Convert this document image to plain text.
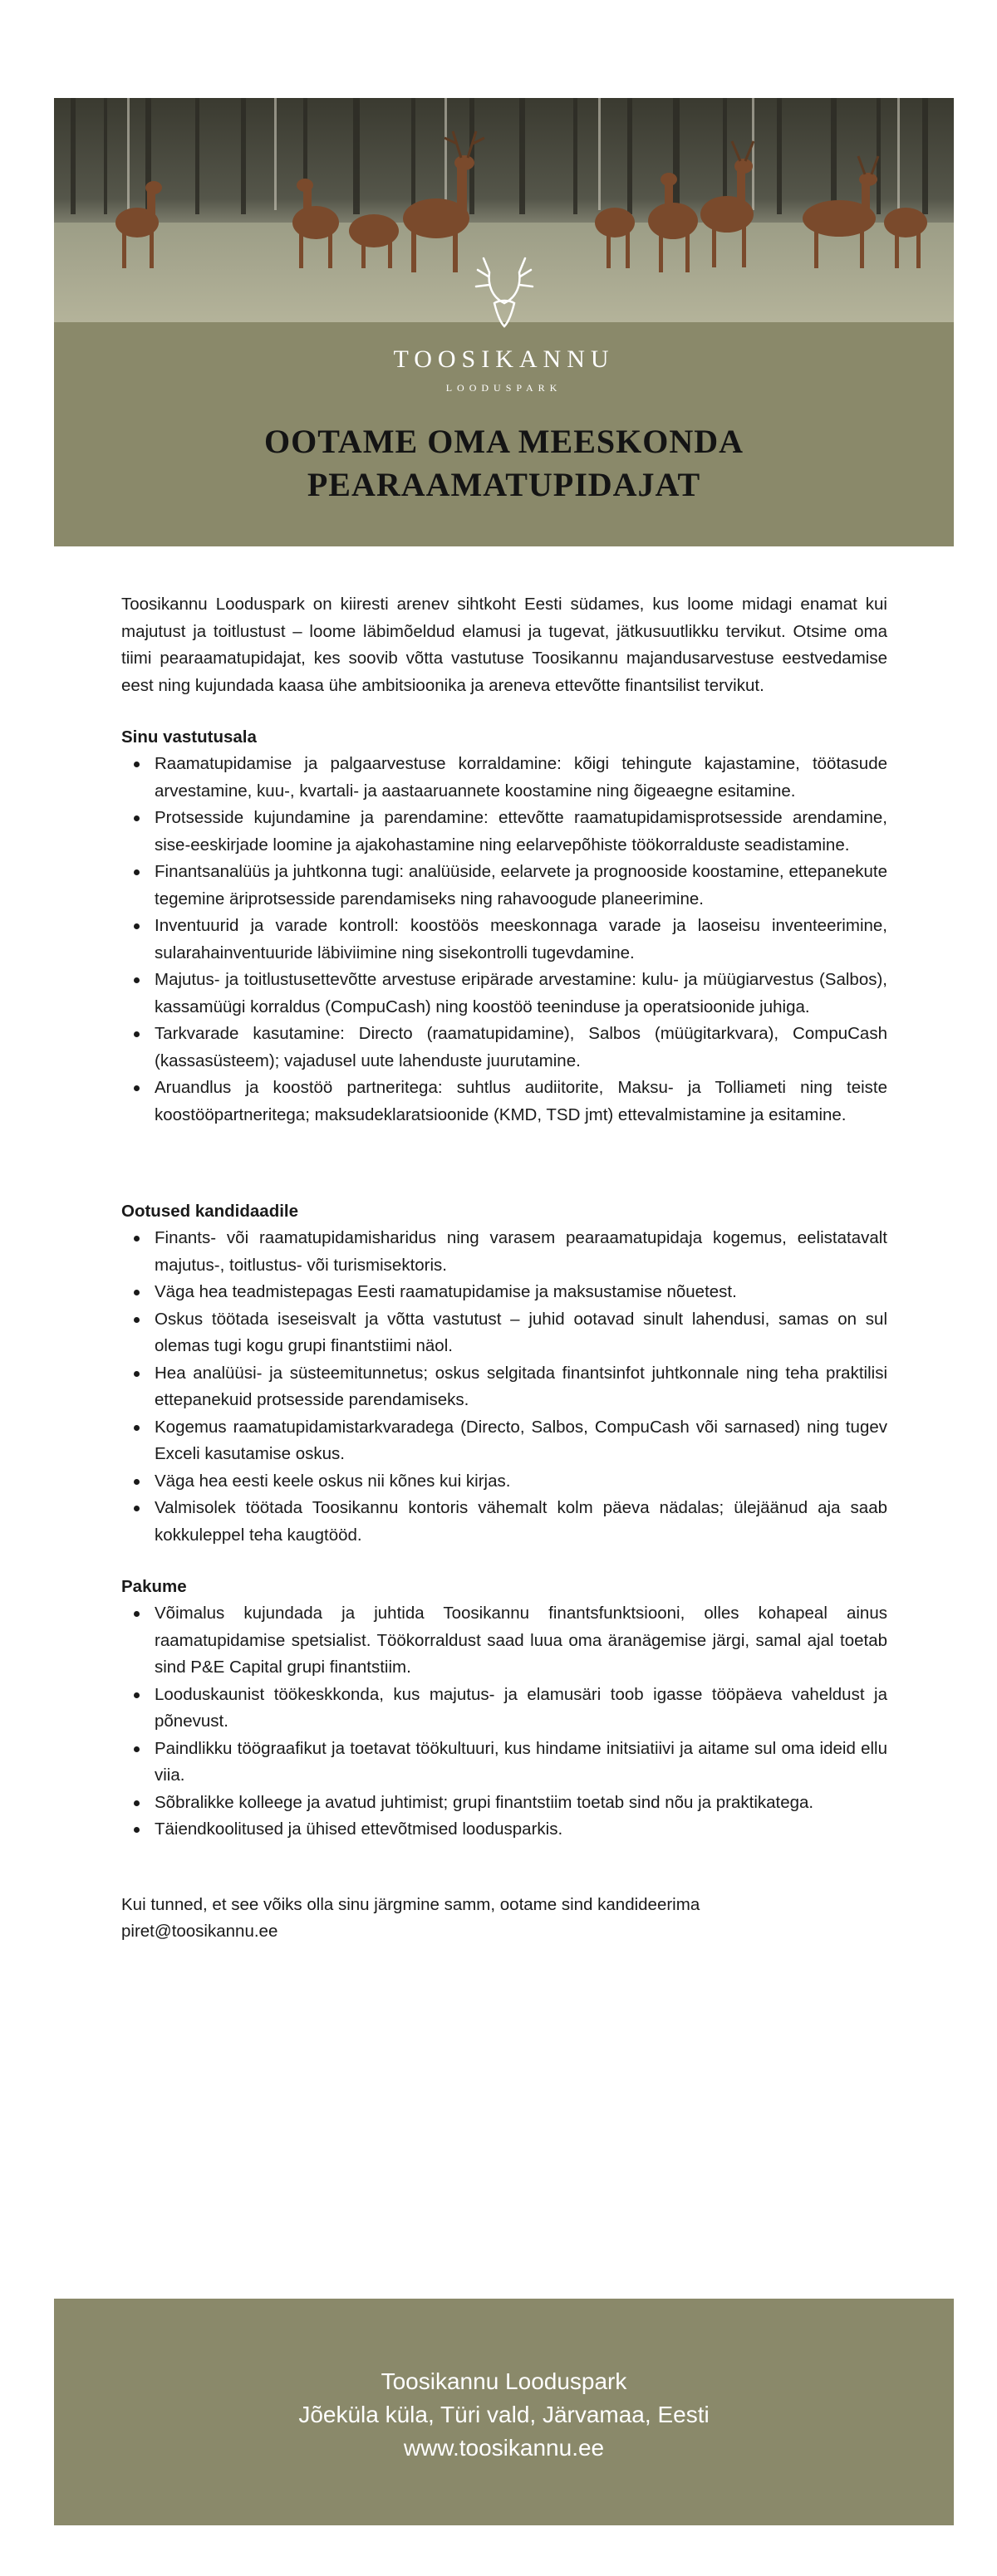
TOOSIKANNU
LOODUSPARK
OOTAME OMA MEESKONDA
PEARAAMATUPIDAJAT

Toosikannu Looduspark on kiiresti arenev sihtkoht Eesti südames, kus loome midagi enamat kui majutust ja toitlustust – loome läbimõeldud elamusi ja tugevat, jätkusuutlikku tervikut. Otsime oma tiimi pearaamatupidajat, kes soovib võtta vastutuse Toosikannu majandusarvestuse eestvedamise eest ning kujundada kaasa ühe ambitsioonika ja areneva ettevõtte finantsilist tervikut.

Sinu vastutusala

Raamatupidamise ja palgaarvestuse korraldamine: kõigi tehingute kajastamine, töötasude arvestamine, kuu-, kvartali- ja aastaaruannete koostamine ning õigeaegne esitamine.
Protsesside kujundamine ja parendamine: ettevõtte raamatupidamisprotsesside arendamine, sise-eeskirjade loomine ja ajakohastamine ning eelarvepõhiste töökorralduste seadistamine.
Finantsanalüüs ja juhtkonna tugi: analüüside, eelarvete ja prognooside koostamine, ettepanekute tegemine äriprotsesside parendamiseks ning rahavoogude planeerimine.
Inventuurid ja varade kontroll: koostöös meeskonnaga varade ja laoseisu inventeerimine, sularahainventuuride läbiviimine ning sisekontrolli tugevdamine.
Majutus- ja toitlustusettevõtte arvestuse eripärade arvestamine: kulu- ja müügiarvestus (Salbos), kassamüügi korraldus (CompuCash) ning koostöö teeninduse ja operatsioonide juhiga.
Tarkvarade kasutamine: Directo (raamatupidamine), Salbos (müügitarkvara), CompuCash (kassasüsteem); vajadusel uute lahenduste juurutamine.
Aruandlus ja koostöö partneritega: suhtlus audiitorite, Maksu- ja Tolliameti ning teiste koostööpartneritega; maksudeklaratsioonide (KMD, TSD jmt) ettevalmistamine ja esitamine.

Ootused kandidaadile

Finants- või raamatupidamisharidus ning varasem pearaamatupidaja kogemus, eelistatavalt majutus-, toitlustus- või turismisektoris.
Väga hea teadmistepagas Eesti raamatupidamise ja maksustamise nõuetest.
Oskus töötada iseseisvalt ja võtta vastutust – juhid ootavad sinult lahendusi, samas on sul olemas tugi kogu grupi finantstiimi näol.
Hea analüüsi- ja süsteemitunnetus; oskus selgitada finantsinfot juhtkonnale ning teha praktilisi ettepanekuid protsesside parendamiseks.
Kogemus raamatupidamistarkvaradega (Directo, Salbos, CompuCash või sarnased) ning tugev Exceli kasutamise oskus.
Väga hea eesti keele oskus nii kõnes kui kirjas.
Valmisolek töötada Toosikannu kontoris vähemalt kolm päeva nädalas; ülejäänud aja saab kokkuleppel teha kaugtööd.

Pakume

Võimalus kujundada ja juhtida Toosikannu finantsfunktsiooni, olles kohapeal ainus raamatupidamise spetsialist. Töökorraldust saad luua oma äranägemise järgi, samal ajal toetab sind P&E Capital grupi finantstiim.
Looduskaunist töökeskkonda, kus majutus- ja elamusäri toob igasse tööpäeva vaheldust ja põnevust.
Paindlikku töögraafikut ja toetavat töökultuuri, kus hindame initsiatiivi ja aitame sul oma ideid ellu viia.
Sõbralikke kolleege ja avatud juhtimist; grupi finantstiim toetab sind nõu ja praktikatega.
Täiendkoolitused ja ühised ettevõtmised loodusparkis.
Kui tunned, et see võiks olla sinu järgmine samm, ootame sind kandideerima
piret@toosikannu.ee
Toosikannu Looduspark
Jõeküla küla, Türi vald, Järvamaa, Eesti
www.toosikannu.ee
